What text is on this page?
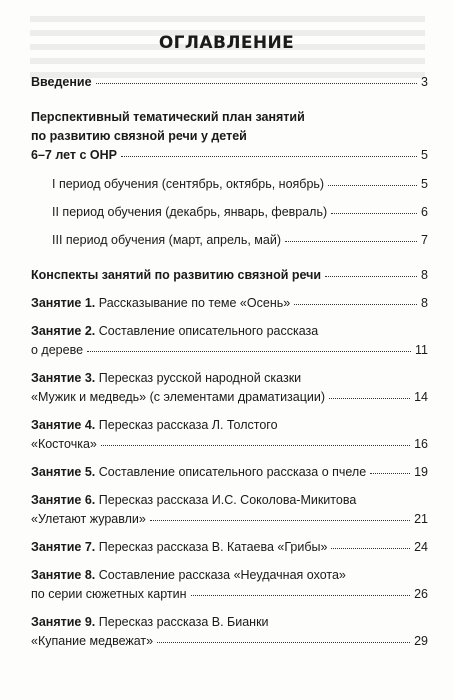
ОГЛАВЛЕНИЕ
Введение	3
Перспективный тематический план занятий
по развитию связной речи у детей
6–7 лет с ОНР	5
I период обучения (сентябрь, октябрь, ноябрь)	5
II период обучения (декабрь, январь, февраль)	6
III период обучения (март, апрель, май)	7
Конспекты занятий по развитию связной речи	8
Занятие 1. Рассказывание по теме «Осень»	8
Занятие 2. Составление описательного рассказа
о дереве	11
Занятие 3. Пересказ русской народной сказки
«Мужик и медведь» (с элементами драматизации)	14
Занятие 4. Пересказ рассказа Л. Толстого
«Косточка»	16
Занятие 5. Составление описательного рассказа о пчеле	19
Занятие 6. Пересказ рассказа И.С. Соколова-Микитова
«Улетают журавли»	21
Занятие 7. Пересказ рассказа В. Катаева «Грибы»	24
Занятие 8. Составление рассказа «Неудачная охота»
по серии сюжетных картин	26
Занятие 9. Пересказ рассказа В. Бианки
«Купание медвежат»	29
